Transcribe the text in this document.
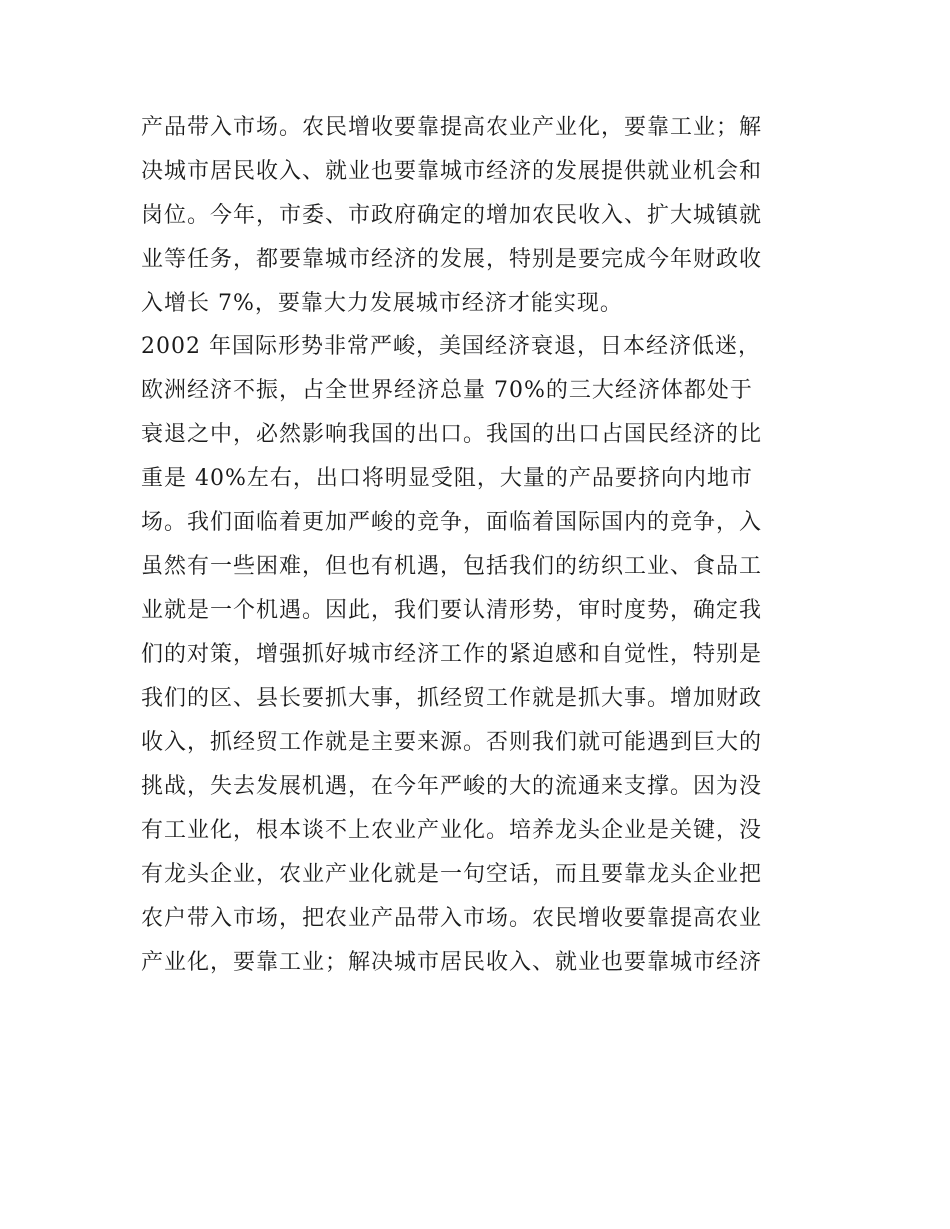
产品带入市场。农民增收要靠提高农业产业化，要靠工业；解
决城市居民收入、就业也要靠城市经济的发展提供就业机会和
岗位。今年，市委、市政府确定的增加农民收入、扩大城镇就
业等任务，都要靠城市经济的发展，特别是要完成今年财政收
入增长 7%，要靠大力发展城市经济才能实现。
2002 年国际形势非常严峻，美国经济衰退，日本经济低迷，
欧洲经济不振，占全世界经济总量 70%的三大经济体都处于
衰退之中，必然影响我国的出口。我国的出口占国民经济的比
重是 40%左右，出口将明显受阻，大量的产品要挤向内地市
场。我们面临着更加严峻的竞争，面临着国际国内的竞争，入
虽然有一些困难，但也有机遇，包括我们的纺织工业、食品工
业就是一个机遇。因此，我们要认清形势，审时度势，确定我
们的对策，增强抓好城市经济工作的紧迫感和自觉性，特别是
我们的区、县长要抓大事，抓经贸工作就是抓大事。增加财政
收入，抓经贸工作就是主要来源。否则我们就可能遇到巨大的
挑战，失去发展机遇，在今年严峻的大的流通来支撑。因为没
有工业化，根本谈不上农业产业化。培养龙头企业是关键，没
有龙头企业，农业产业化就是一句空话，而且要靠龙头企业把
农户带入市场，把农业产品带入市场。农民增收要靠提高农业
产业化，要靠工业；解决城市居民收入、就业也要靠城市经济
